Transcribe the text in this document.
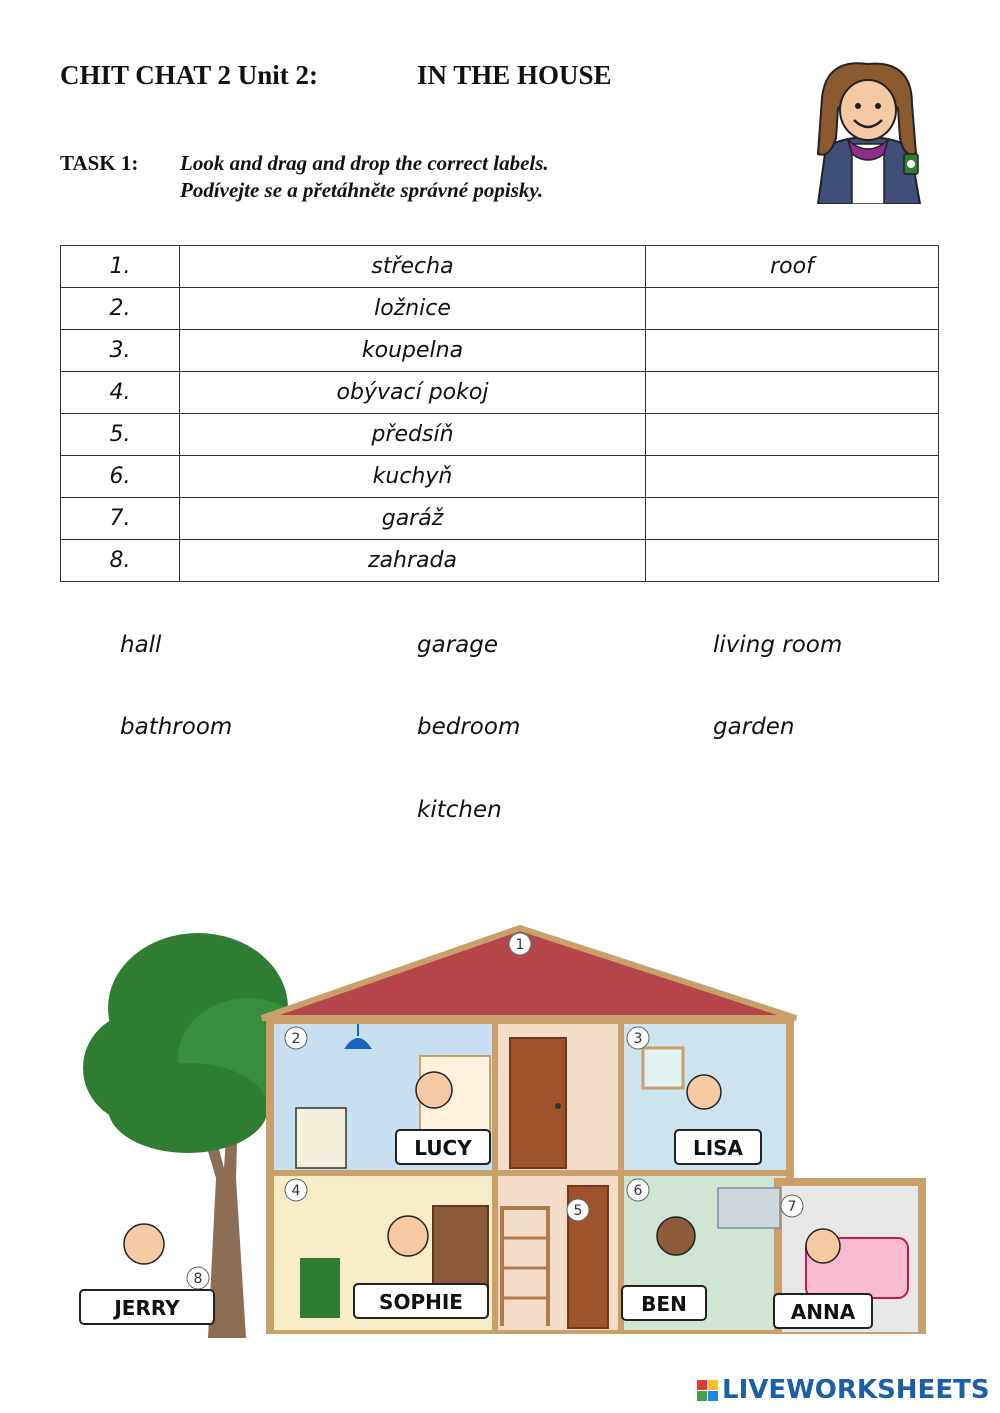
CHIT CHAT 2 Unit 2:	IN THE HOUSE
TASK 1: Look and drag and drop the correct labels.
Podívejte se a přetáhněte správné popisky.
1.	střecha	roof
2.	ložnice	
3.	koupelna	
4.	obývací pokoj	
5.	předsíň	
6.	kuchyň	
7.	garáž	
8.	zahrada	
hall	garage	living room
bathroom	bedroom	garden
kitchen
1
2	3
4
5
6
7
8
LUCY	LISA
SOPHIE	BEN	ANNA
JERRY
LIVEWORKSHEETS
